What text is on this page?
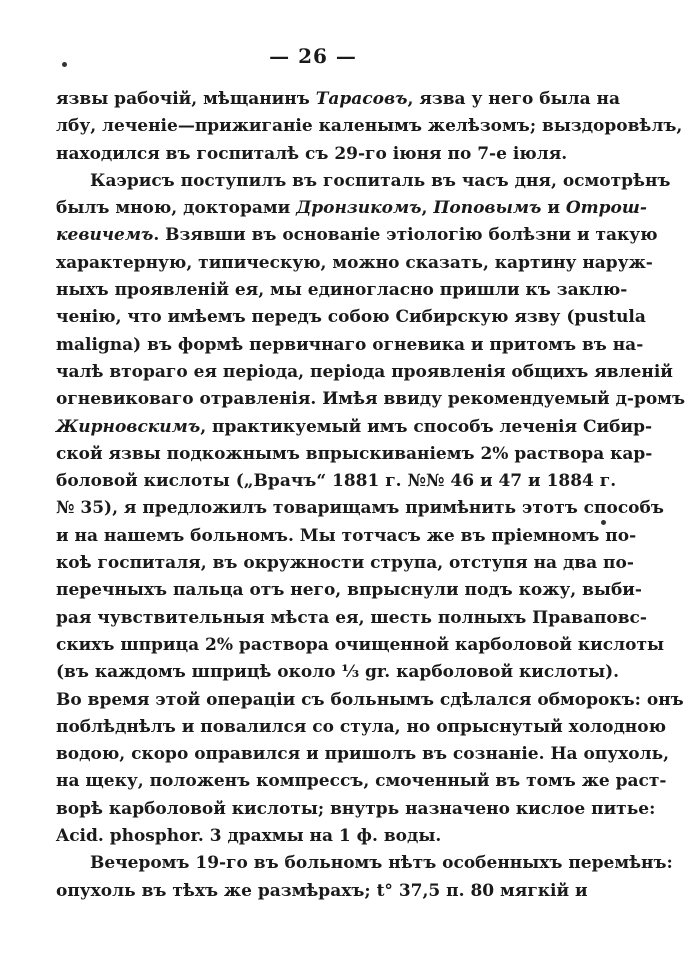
— 26 —
язвы рабочій, мѣщанинъ Тарасовъ, язва у него была на
лбу, леченіе—прижиганіе каленымъ желѣзомъ; выздоровѣлъ,
находился въ госпиталѣ съ 29-го іюня по 7-е іюля.
Каэрисъ поступилъ въ госпиталь въ часъ дня, осмотрѣнъ
былъ мною, докторами Дронзикомъ, Поповымъ и Отрош-
кевичемъ. Взявши въ основаніе этіологію болѣзни и такую
характерную, типическую, можно сказать, картину наруж-
ныхъ проявленій ея, мы единогласно пришли къ заклю-
ченію, что имѣемъ передъ собою Сибирскую язву (pustula
maligna) въ формѣ первичнаго огневика и притомъ въ на-
чалѣ втораго ея періода, періода проявленія общихъ явленій
огневиковаго отравленія. Имѣя ввиду рекомендуемый д-ромъ
Жирновскимъ, практикуемый имъ способъ леченія Сибир-
ской язвы подкожнымъ впрыскиваніемъ 2% раствора кар-
боловой кислоты („Врачъ“ 1881 г. №№ 46 и 47 и 1884 г.
№ 35), я предложилъ товарищамъ примѣнить этотъ способъ
и на нашемъ больномъ. Мы тотчасъ же въ пріемномъ по-
коѣ госпиталя, въ окружности струпа, отступя на два по-
перечныхъ пальца отъ него, впрыснули подъ кожу, выби-
рая чувствительныя мѣста ея, шесть полныхъ Праваповс-
скихъ шприца 2% раствора очищенной карболовой кислоты
(въ каждомъ шприцѣ около ⅓ gr. карболовой кислоты).
Во время этой операціи съ больнымъ сдѣлался обморокъ: онъ
поблѣднѣлъ и повалился со стула, но опрыснутый холодною
водою, скоро оправился и пришолъ въ сознаніе. На опухоль,
на щеку, положенъ компрессъ, смоченный въ томъ же раст-
ворѣ карболовой кислоты; внутрь назначено кислое питье:
Acid. phosphor. 3 драхмы на 1 ф. воды.
Вечеромъ 19-го въ больномъ нѣтъ особенныхъ перемѣнъ:
опухоль въ тѣхъ же размѣрахъ; t° 37,5 п. 80 мягкій и
